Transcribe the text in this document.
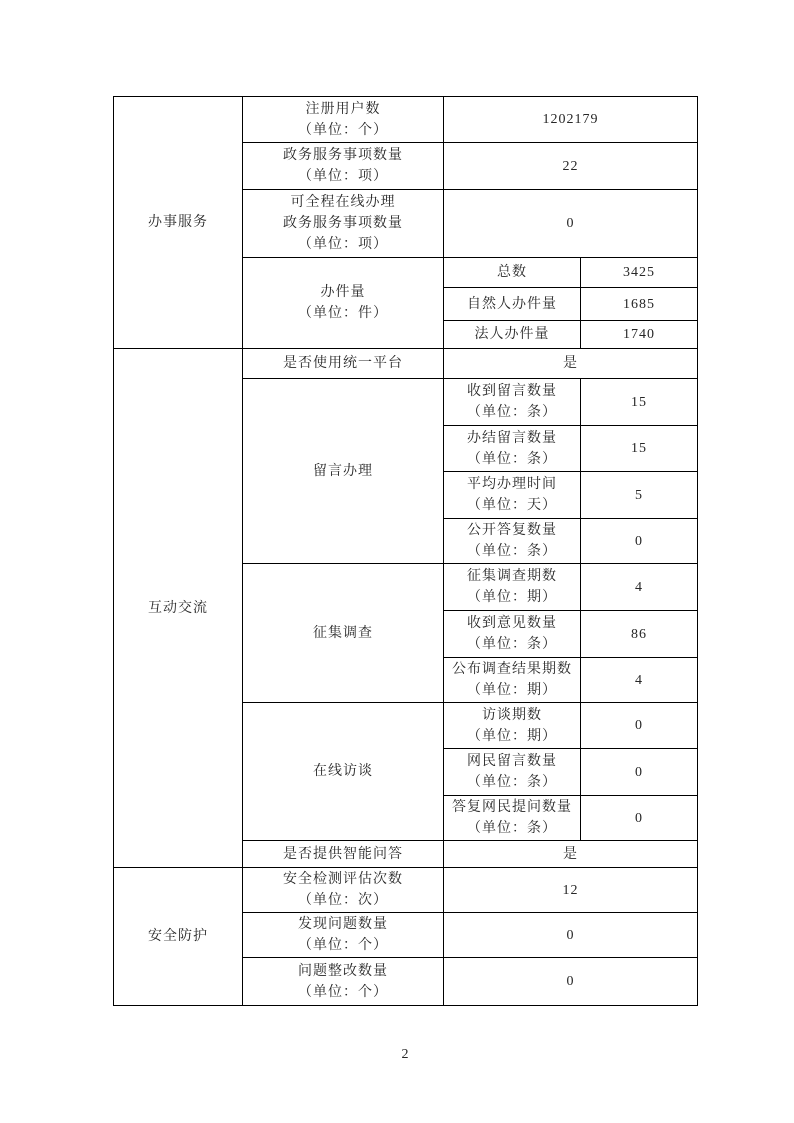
办事服务	注册用户数
（单位：个）	1202179	

	政务服务事项数量
（单位：项）	22	

	可全程在线办理
政务服务事项数量
（单位：项）	0	

	办件量
（单位：件）	总数	3425
		自然人办件量	1685
		法人办件量	1740
互动交流	是否使用统一平台	是	
	留言办理	收到留言数量
（单位：条）	15

		办结留言数量
（单位：条）	15

		平均办理时间
（单位：天）	5

		公开答复数量
（单位：条）	0
	征集调查	征集调查期数
（单位：期）	4

		收到意见数量
（单位：条）	86

		公布调查结果期数
（单位：期）	4
	在线访谈	访谈期数
（单位：期）	0

		网民留言数量
（单位：条）	0

		答复网民提问数量
（单位：条）	0
	是否提供智能问答	是	
安全防护	安全检测评估次数
（单位：次）	12	

	发现问题数量
（单位：个）	0	

	问题整改数量
（单位：个）	0	
2
